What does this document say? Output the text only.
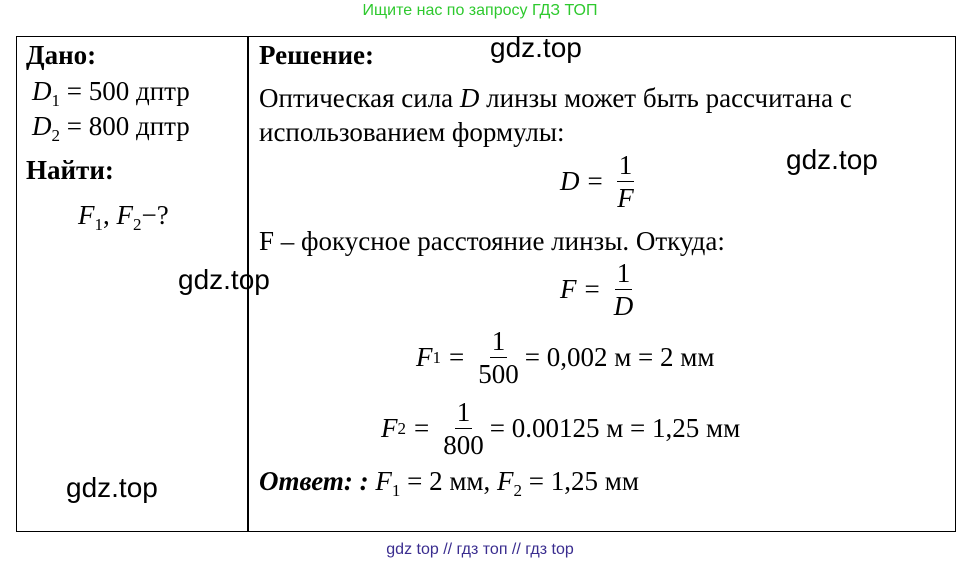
Ищите нас по запросу ГДЗ ТОП
Дано:
$D_1 = 500$ дптр
$D_2 = 800$ дптр
Найти:
$F_1$, $F_2-$?
Решение:
Оптическая сила D линзы может быть рассчитана с
использованием формулы:
$D = \frac{1}{F}$
F – фокусное расстояние линзы. Откуда:
$F = \frac{1}{D}$
F $1 = \frac{1}{500} = 0,002$ м = 2 мм
F $2 = \frac{1}{800} = 0.00125$ м = 1,25 мм
Ответ: : $F_1 = 2$ мм, $F_2 = 1,25$ мм
gdz.top
gdz.top
gdz.top
gdz.top
gdz top // гдз топ // гдз top
